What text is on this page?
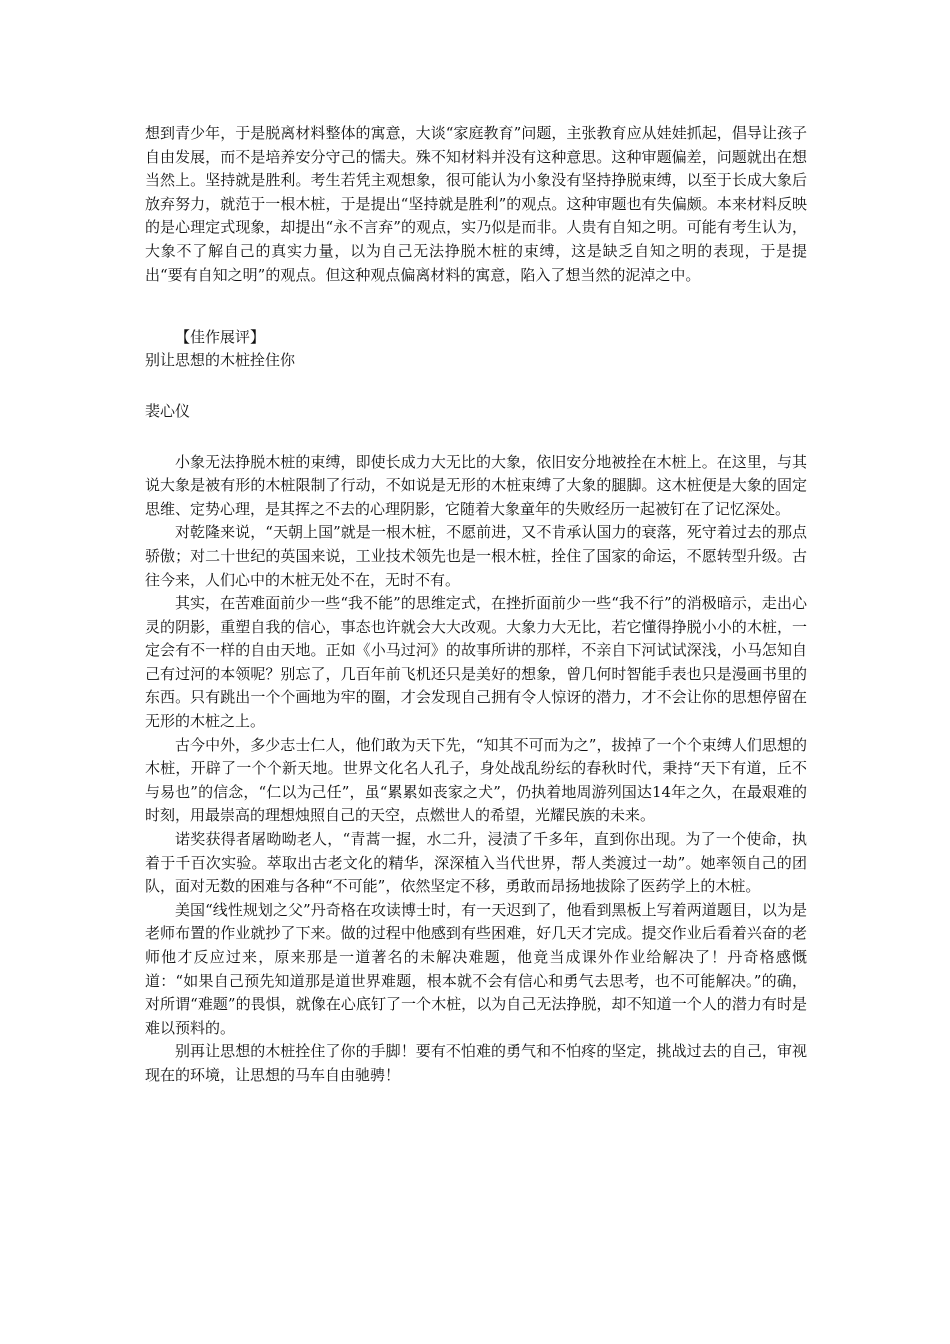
想到青少年，于是脱离材料整体的寓意，大谈“家庭教育”问题，主张教育应从娃娃抓起，倡导让孩子自由发展，而不是培养安分守己的懦夫。殊不知材料并没有这种意思。这种审题偏差，问题就出在想当然上。坚持就是胜利。考生若凭主观想象，很可能认为小象没有坚持挣脱束缚，以至于长成大象后放弃努力，就范于一根木桩，于是提出“坚持就是胜利”的观点。这种审题也有失偏颇。本来材料反映的是心理定式现象，却提出“永不言弃”的观点，实乃似是而非。人贵有自知之明。可能有考生认为，大象不了解自己的真实力量，以为自己无法挣脱木桩的束缚，这是缺乏自知之明的表现，于是提出“要有自知之明”的观点。但这种观点偏离材料的寓意，陷入了想当然的泥淖之中。

【佳作展评】

别让思想的木桩拴住你

裴心仪

小象无法挣脱木桩的束缚，即使长成力大无比的大象，依旧安分地被拴在木桩上。在这里，与其说大象是被有形的木桩限制了行动，不如说是无形的木桩束缚了大象的腿脚。这木桩便是大象的固定思维、定势心理，是其挥之不去的心理阴影，它随着大象童年的失败经历一起被钉在了记忆深处。

对乾隆来说，“天朝上国”就是一根木桩，不愿前进，又不肯承认国力的衰落，死守着过去的那点骄傲；对二十世纪的英国来说，工业技术领先也是一根木桩，拴住了国家的命运，不愿转型升级。古往今来，人们心中的木桩无处不在，无时不有。

其实，在苦难面前少一些“我不能”的思维定式，在挫折面前少一些“我不行”的消极暗示，走出心灵的阴影，重塑自我的信心，事态也许就会大大改观。大象力大无比，若它懂得挣脱小小的木桩，一定会有不一样的自由天地。正如《小马过河》的故事所讲的那样，不亲自下河试试深浅，小马怎知自己有过河的本领呢？别忘了，几百年前飞机还只是美好的想象，曾几何时智能手表也只是漫画书里的东西。只有跳出一个个画地为牢的圈，才会发现自己拥有令人惊讶的潜力，才不会让你的思想停留在无形的木桩之上。

古今中外，多少志士仁人，他们敢为天下先，“知其不可而为之”，拔掉了一个个束缚人们思想的木桩，开辟了一个个新天地。世界文化名人孔子，身处战乱纷纭的春秋时代，秉持“天下有道，丘不与易也”的信念，“仁以为己任”，虽“累累如丧家之犬”，仍执着地周游列国达14年之久，在最艰难的时刻，用最崇高的理想烛照自己的天空，点燃世人的希望，光耀民族的未来。

诺奖获得者屠呦呦老人，“青蒿一握，水二升，浸渍了千多年，直到你出现。为了一个使命，执着于千百次实验。萃取出古老文化的精华，深深植入当代世界，帮人类渡过一劫”。她率领自己的团队，面对无数的困难与各种“不可能”，依然坚定不移，勇敢而昂扬地拔除了医药学上的木桩。

美国“线性规划之父”丹奇格在攻读博士时，有一天迟到了，他看到黑板上写着两道题目，以为是老师布置的作业就抄了下来。做的过程中他感到有些困难，好几天才完成。提交作业后看着兴奋的老师他才反应过来，原来那是一道著名的未解决难题，他竟当成课外作业给解决了！丹奇格感慨道：“如果自己预先知道那是道世界难题，根本就不会有信心和勇气去思考，也不可能解决。”的确，对所谓“难题”的畏惧，就像在心底钉了一个木桩，以为自己无法挣脱，却不知道一个人的潜力有时是难以预料的。

别再让思想的木桩拴住了你的手脚！要有不怕难的勇气和不怕疼的坚定，挑战过去的自己，审视现在的环境，让思想的马车自由驰骋！
